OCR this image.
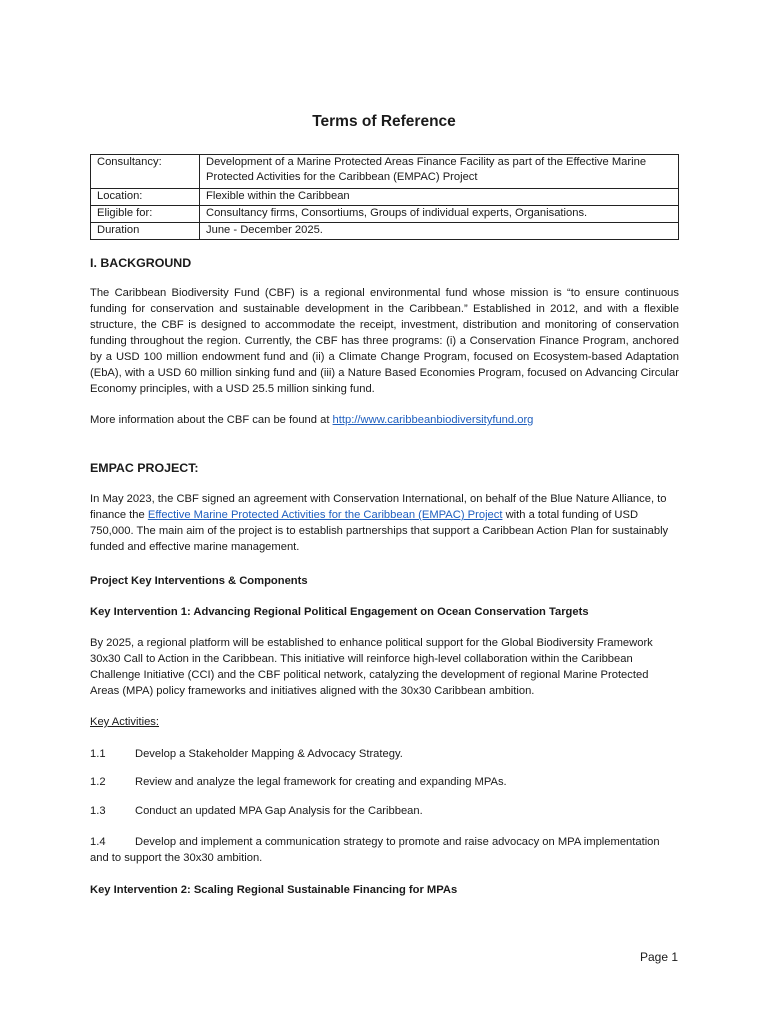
Terms of Reference
Consultancy:	Development of a Marine Protected Areas Finance Facility as part of the Effective Marine Protected Activities for the Caribbean (EMPAC) Project
Location:	Flexible within the Caribbean
Eligible for:	Consultancy firms, Consortiums, Groups of individual experts, Organisations.
Duration	June - December 2025.
I. BACKGROUND
The Caribbean Biodiversity Fund (CBF) is a regional environmental fund whose mission is “to ensure continuous funding for conservation and sustainable development in the Caribbean.” Established in 2012, and with a flexible structure, the CBF is designed to accommodate the receipt, investment, distribution and monitoring of conservation funding throughout the region. Currently, the CBF has three programs: (i) a Conservation Finance Program, anchored by a USD 100 million endowment fund and (ii) a Climate Change Program, focused on Ecosystem-based Adaptation (EbA), with a USD 60 million sinking fund and (iii) a Nature Based Economies Program, focused on Advancing Circular Economy principles, with a USD 25.5 million sinking fund.
More information about the CBF can be found at http://www.caribbeanbiodiversityfund.org
EMPAC PROJECT:
In May 2023, the CBF signed an agreement with Conservation International, on behalf of the Blue Nature Alliance, to finance the Effective Marine Protected Activities for the Caribbean (EMPAC) Project with a total funding of USD 750,000. The main aim of the project is to establish partnerships that support a Caribbean Action Plan for sustainably funded and effective marine management.
Project Key Interventions & Components
Key Intervention 1: Advancing Regional Political Engagement on Ocean Conservation Targets
By 2025, a regional platform will be established to enhance political support for the Global Biodiversity Framework 30x30 Call to Action in the Caribbean. This initiative will reinforce high-level collaboration within the Caribbean Challenge Initiative (CCI) and the CBF political network, catalyzing the development of regional Marine Protected Areas (MPA) policy frameworks and initiatives aligned with the 30x30 Caribbean ambition.
Key Activities:
1.1	Develop a Stakeholder Mapping & Advocacy Strategy.
1.2	Review and analyze the legal framework for creating and expanding MPAs.
1.3	Conduct an updated MPA Gap Analysis for the Caribbean.
1.4	Develop and implement a communication strategy to promote and raise advocacy on MPA implementation and to support the 30x30 ambition.
Key Intervention 2: Scaling Regional Sustainable Financing for MPAs
Page 1
